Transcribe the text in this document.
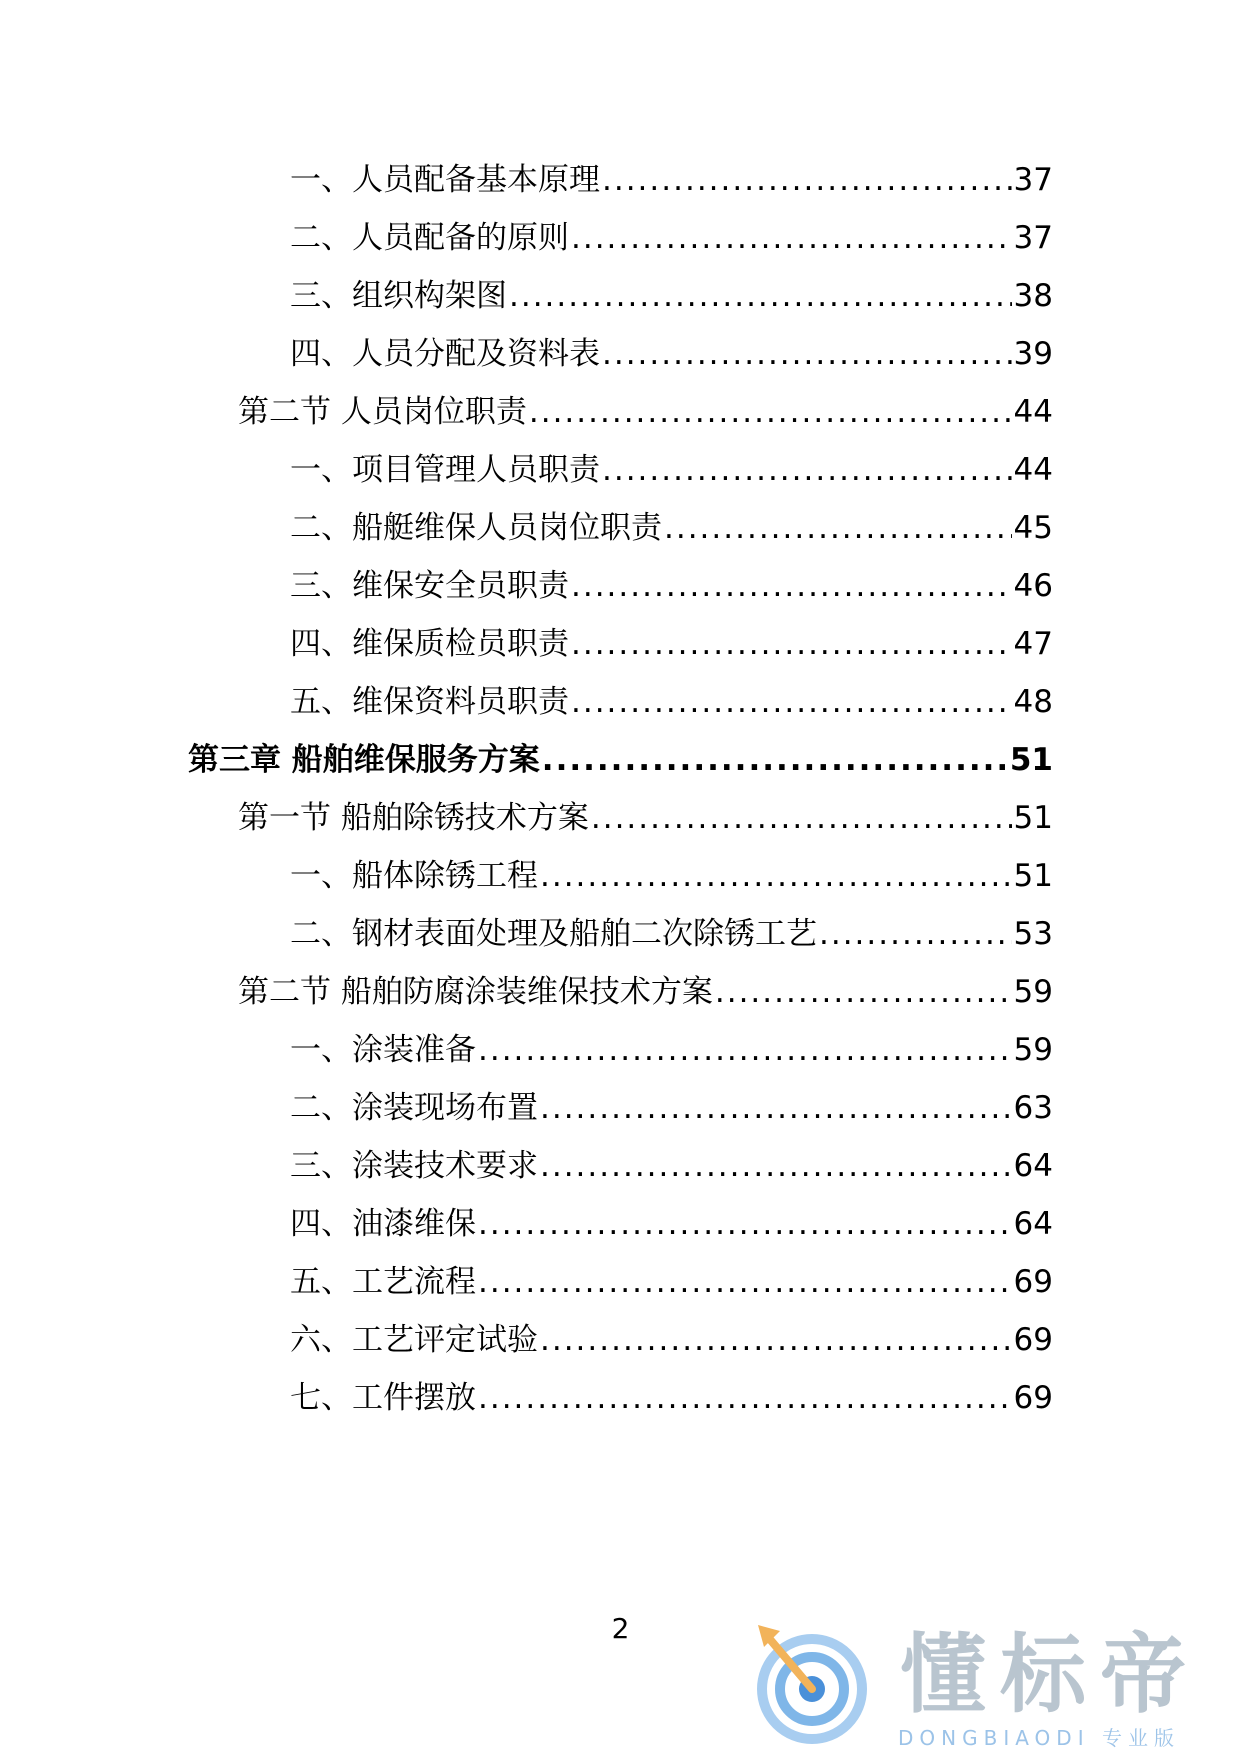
一、人员配备基本原理 .....	37
二、人员配备的原则 .....	37
三、组织构架图 .....	38
四、人员分配及资料表 .....	39
第二节 人员岗位职责 .....	44
一、项目管理人员职责 .....	44
二、船艇维保人员岗位职责 .....	45
三、维保安全员职责 .....	46
四、维保质检员职责 .....	47
五、维保资料员职责 .....	48
第三章 船舶维保服务方案 .....	51
第一节 船舶除锈技术方案 .....	51
一、船体除锈工程 .....	51
二、钢材表面处理及船舶二次除锈工艺 .....	53
第二节 船舶防腐涂装维保技术方案 .....	59
一、涂装准备 .....	59
二、涂装现场布置 .....	63
三、涂装技术要求 .....	64
四、油漆维保 .....	64
五、工艺流程 .....	69
六、工艺评定试验 .....	69
七、工件摆放 .....	69
2	懂标帝
DONGBIAODI 专业版
